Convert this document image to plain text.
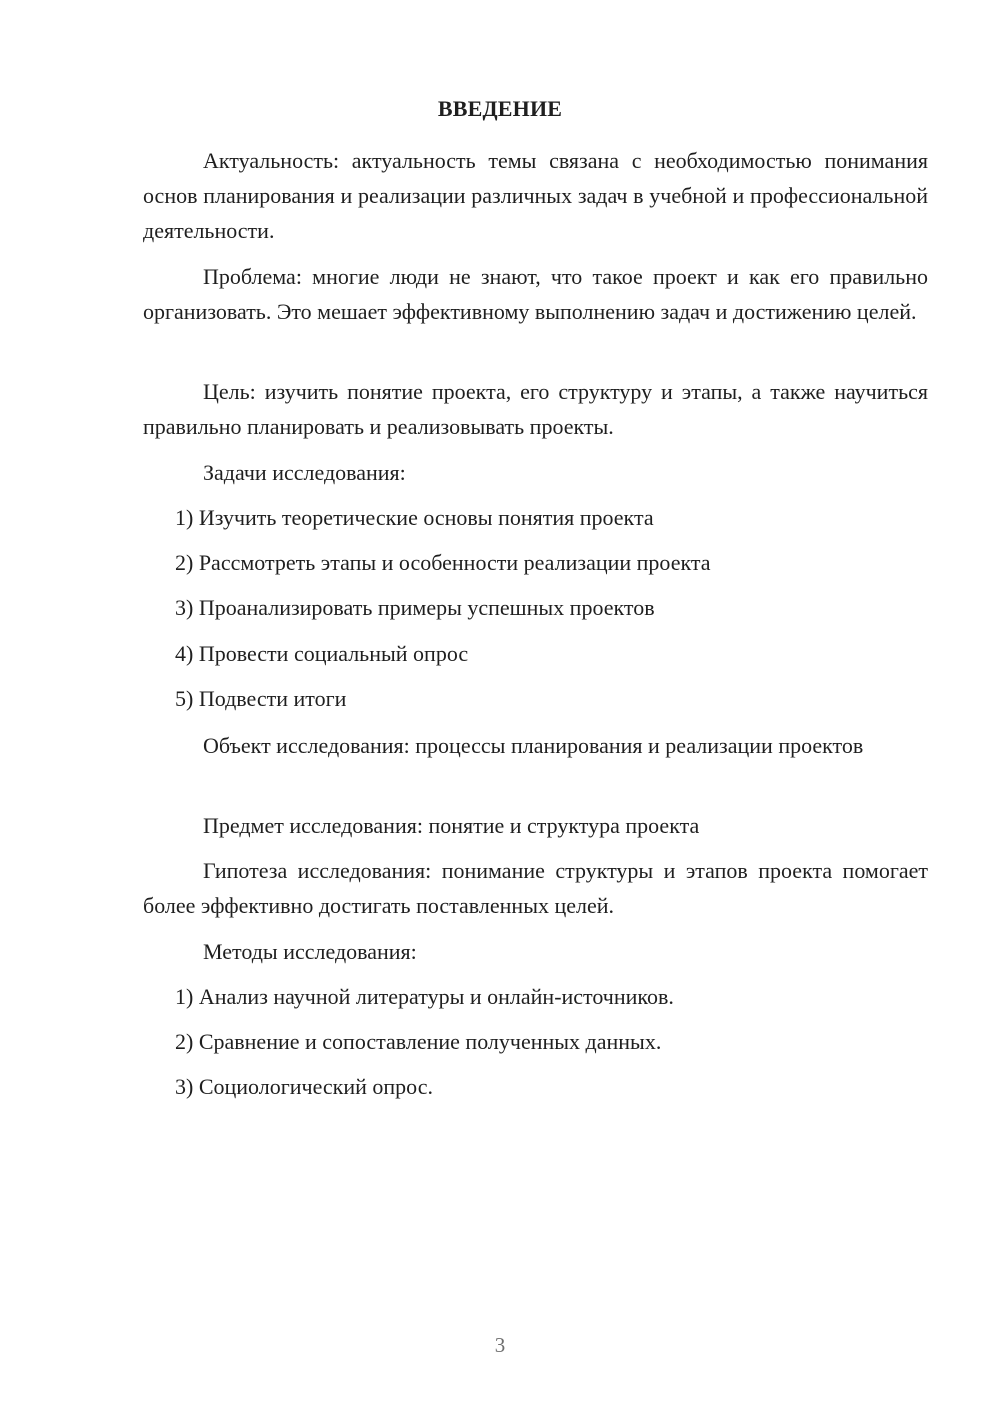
ВВЕДЕНИЕ

Актуальность: актуальность темы связана с необходимостью понимания основ планирования и реализации различных задач в учебной и профессиональной деятельности.

Проблема: многие люди не знают, что такое проект и как его правильно организовать. Это мешает эффективному выполнению задач и достижению целей.

Цель: изучить понятие проекта, его структуру и этапы, а также научиться правильно планировать и реализовывать проекты.

Задачи исследования:

1) Изучить теоретические основы понятия проекта

2) Рассмотреть этапы и особенности реализации проекта

3) Проанализировать примеры успешных проектов

4) Провести социальный опрос

5) Подвести итоги

Объект исследования: процессы планирования и реализации проектов

Предмет исследования: понятие и структура проекта

Гипотеза исследования: понимание структуры и этапов проекта помогает более эффективно достигать поставленных целей.

Методы исследования:

1) Анализ научной литературы и онлайн-источников.

2) Сравнение и сопоставление полученных данных.

3) Социологический опрос.

3
